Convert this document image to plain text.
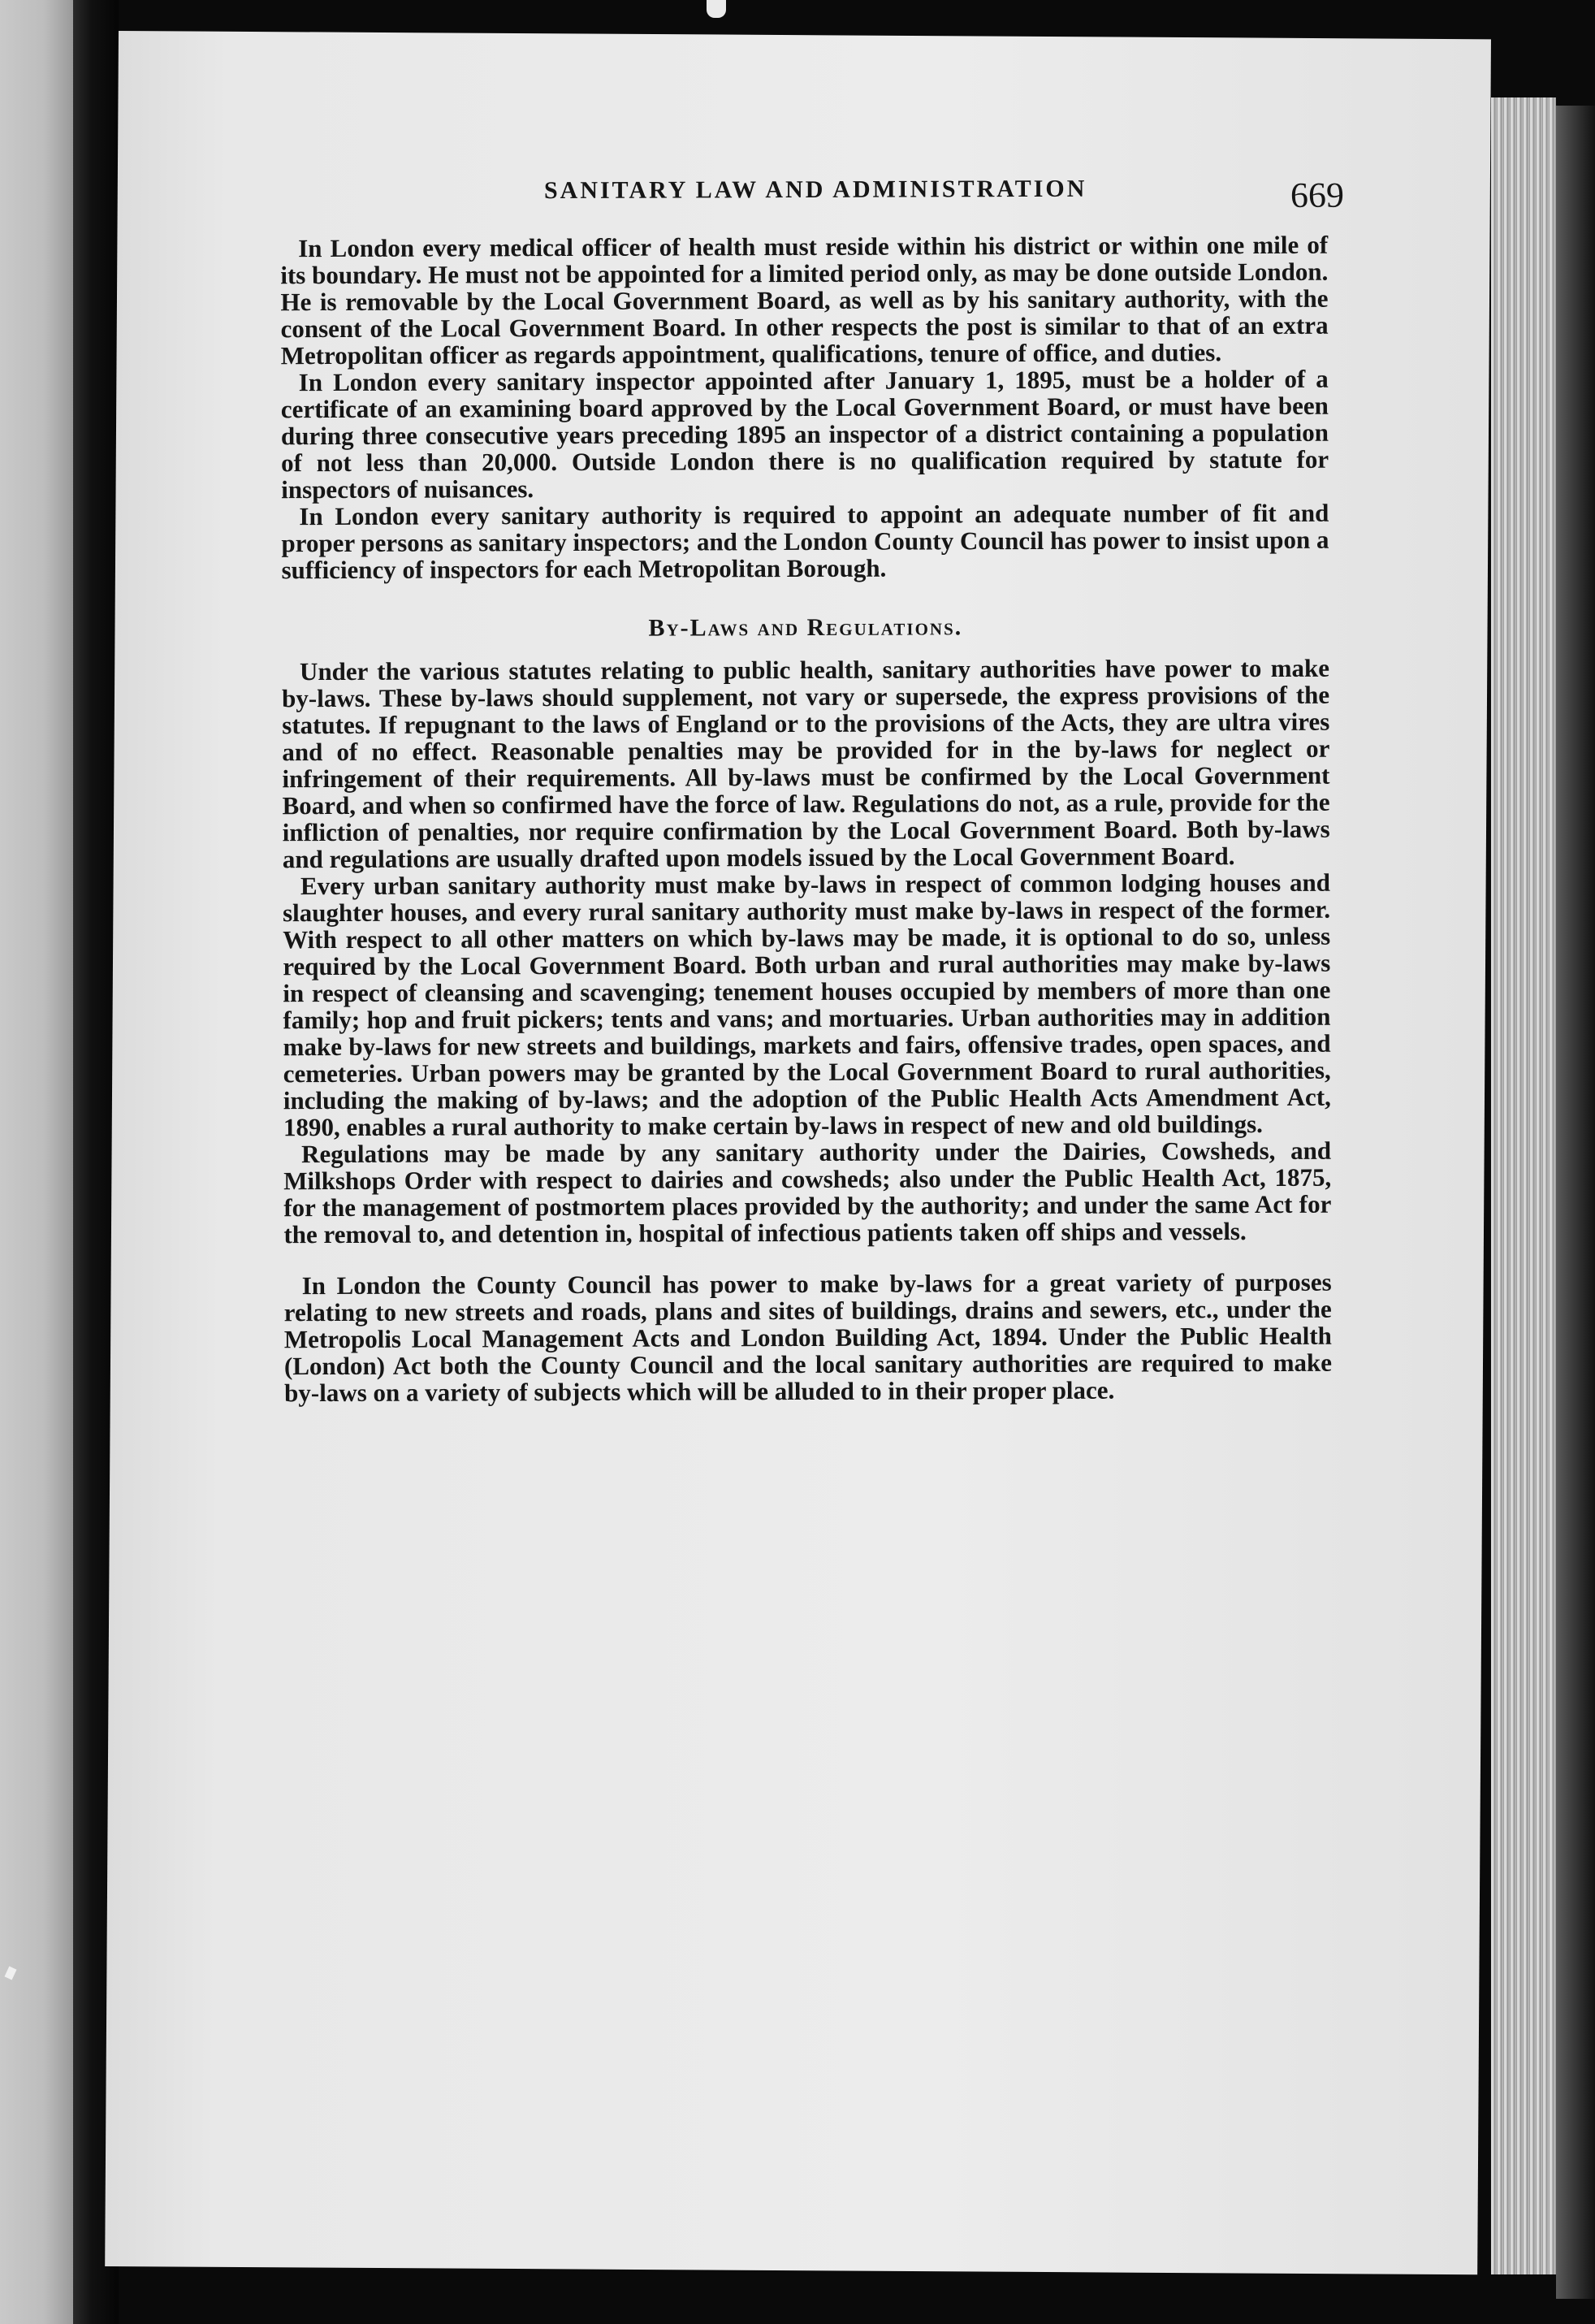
SANITARY LAW AND ADMINISTRATION	669

In London every medical officer of health must reside within his district or within one mile of its boundary. He must not be appointed for a limited period only, as may be done outside London. He is removable by the Local Government Board, as well as by his sanitary authority, with the consent of the Local Government Board. In other respects the post is similar to that of an extra Metropolitan officer as regards appointment, qualifications, tenure of office, and duties.

In London every sanitary inspector appointed after January 1, 1895, must be a holder of a certificate of an examining board approved by the Local Government Board, or must have been during three consecutive years preceding 1895 an inspector of a district containing a population of not less than 20,000. Outside London there is no qualification required by statute for inspectors of nuisances.

In London every sanitary authority is required to appoint an adequate number of fit and proper persons as sanitary inspectors; and the London County Council has power to insist upon a sufficiency of inspectors for each Metropolitan Borough.

By-Laws and Regulations.

Under the various statutes relating to public health, sanitary authorities have power to make by-laws. These by-laws should supplement, not vary or supersede, the express provisions of the statutes. If repugnant to the laws of England or to the provisions of the Acts, they are ultra vires and of no effect. Reasonable penalties may be provided for in the by-laws for neglect or infringement of their requirements. All by-laws must be confirmed by the Local Government Board, and when so confirmed have the force of law. Regulations do not, as a rule, provide for the infliction of penalties, nor require confirmation by the Local Government Board. Both by-laws and regulations are usually drafted upon models issued by the Local Government Board.

Every urban sanitary authority must make by-laws in respect of common lodging houses and slaughter houses, and every rural sanitary authority must make by-laws in respect of the former. With respect to all other matters on which by-laws may be made, it is optional to do so, unless required by the Local Government Board. Both urban and rural authorities may make by-laws in respect of cleansing and scavenging; tenement houses occupied by members of more than one family; hop and fruit pickers; tents and vans; and mortuaries. Urban authorities may in addition make by-laws for new streets and buildings, markets and fairs, offensive trades, open spaces, and cemeteries. Urban powers may be granted by the Local Government Board to rural authorities, including the making of by-laws; and the adoption of the Public Health Acts Amendment Act, 1890, enables a rural authority to make certain by-laws in respect of new and old buildings.

Regulations may be made by any sanitary authority under the Dairies, Cowsheds, and Milkshops Order with respect to dairies and cowsheds; also under the Public Health Act, 1875, for the management of postmortem places provided by the authority; and under the same Act for the removal to, and detention in, hospital of infectious patients taken off ships and vessels.

In London the County Council has power to make by-laws for a great variety of purposes relating to new streets and roads, plans and sites of buildings, drains and sewers, etc., under the Metropolis Local Management Acts and London Building Act, 1894. Under the Public Health (London) Act both the County Council and the local sanitary authorities are required to make by-laws on a variety of subjects which will be alluded to in their proper place.
